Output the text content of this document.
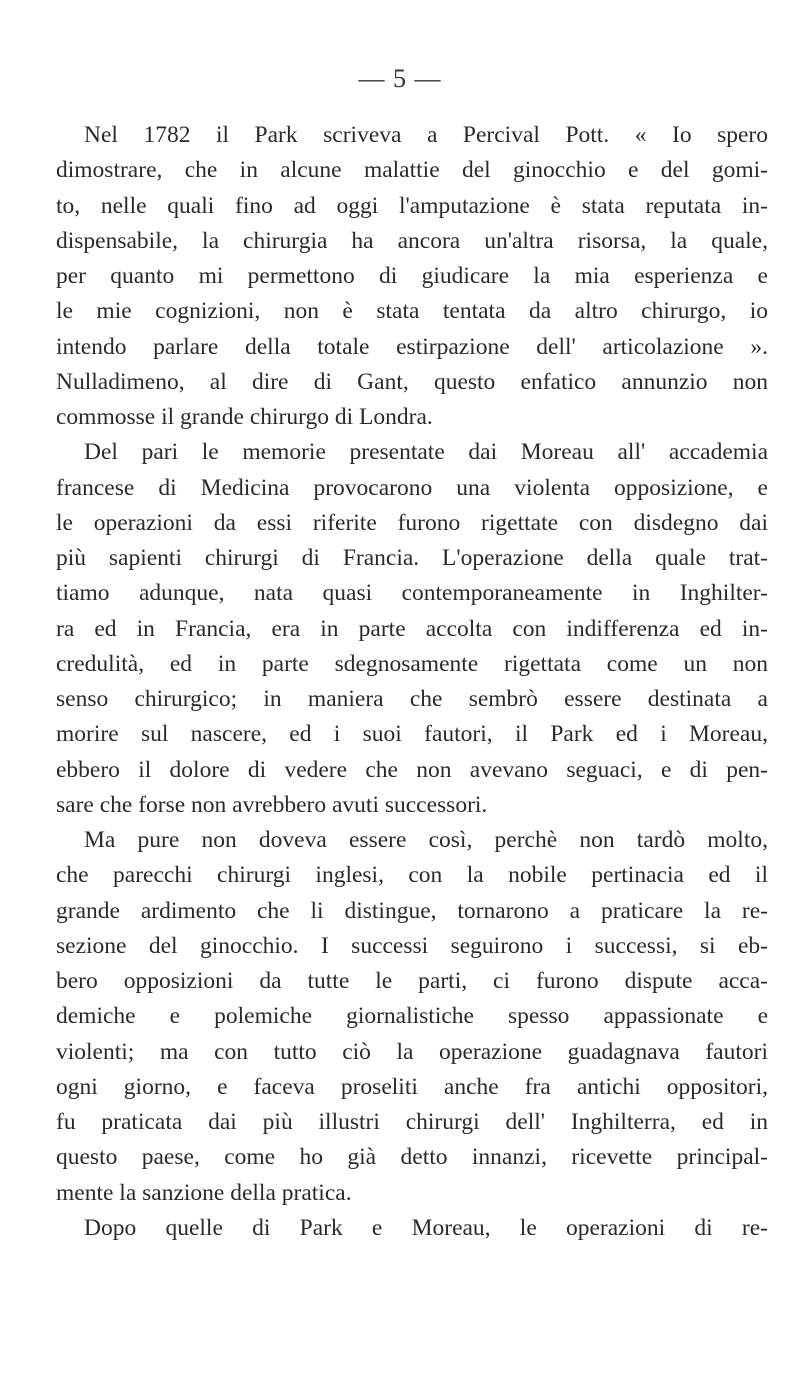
— 5 —
Nel 1782 il Park scriveva a Percival Pott. « Io spero
dimostrare, che in alcune malattie del ginocchio e del gomi-
to, nelle quali fino ad oggi l'amputazione è stata reputata in-
dispensabile, la chirurgia ha ancora un'altra risorsa, la quale,
per quanto mi permettono di giudicare la mia esperienza e
le mie cognizioni, non è stata tentata da altro chirurgo, io
intendo parlare della totale estirpazione dell' articolazione ».
Nulladimeno, al dire di Gant, questo enfatico annunzio non
commosse il grande chirurgo di Londra.
Del pari le memorie presentate dai Moreau all' accademia
francese di Medicina provocarono una violenta opposizione, e
le operazioni da essi riferite furono rigettate con disdegno dai
più sapienti chirurgi di Francia. L'operazione della quale trat-
tiamo adunque, nata quasi contemporaneamente in Inghilter-
ra ed in Francia, era in parte accolta con indifferenza ed in-
credulità, ed in parte sdegnosamente rigettata come un non
senso chirurgico; in maniera che sembrò essere destinata a
morire sul nascere, ed i suoi fautori, il Park ed i Moreau,
ebbero il dolore di vedere che non avevano seguaci, e di pen-
sare che forse non avrebbero avuti successori.
Ma pure non doveva essere così, perchè non tardò molto,
che parecchi chirurgi inglesi, con la nobile pertinacia ed il
grande ardimento che li distingue, tornarono a praticare la re-
sezione del ginocchio. I successi seguirono i successi, si eb-
bero opposizioni da tutte le parti, ci furono dispute acca-
demiche e polemiche giornalistiche spesso appassionate e
violenti; ma con tutto ciò la operazione guadagnava fautori
ogni giorno, e faceva proseliti anche fra antichi oppositori,
fu praticata dai più illustri chirurgi dell' Inghilterra, ed in
questo paese, come ho già detto innanzi, ricevette principal-
mente la sanzione della pratica.
Dopo quelle di Park e Moreau, le operazioni di re-
